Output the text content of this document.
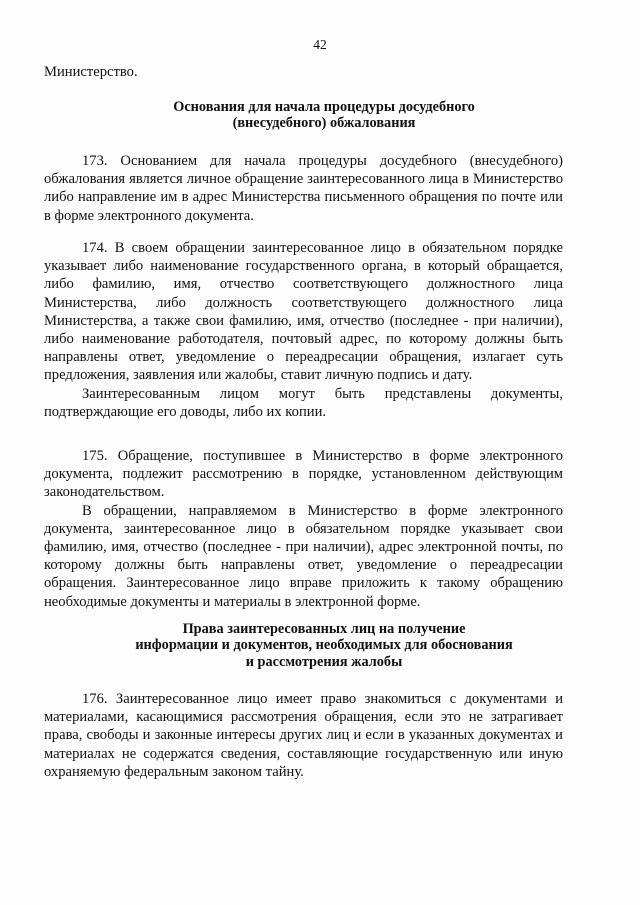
42
Министерство.
Основания для начала процедуры досудебного
(внесудебного) обжалования

173. Основанием для начала процедуры досудебного (внесудебного) обжалования является личное обращение заинтересованного лица в Министерство либо направление им в адрес Министерства письменного обращения по почте или в форме электронного документа.

174. В своем обращении заинтересованное лицо в обязательном порядке указывает либо наименование государственного органа, в который обращается, либо фамилию, имя, отчество соответствующего должностного лица Министерства, либо должность соответствующего должностного лица Министерства, а также свои фамилию, имя, отчество (последнее - при наличии), либо наименование работодателя, почтовый адрес, по которому должны быть направлены ответ, уведомление о переадресации обращения, излагает суть предложения, заявления или жалобы, ставит личную подпись и дату.

Заинтересованным лицом могут быть представлены документы, подтверждающие его доводы, либо их копии.

175. Обращение, поступившее в Министерство в форме электронного документа, подлежит рассмотрению в порядке, установленном действующим законодательством.

В обращении, направляемом в Министерство в форме электронного документа, заинтересованное лицо в обязательном порядке указывает свои фамилию, имя, отчество (последнее - при наличии), адрес электронной почты, по которому должны быть направлены ответ, уведомление о переадресации обращения. Заинтересованное лицо вправе приложить к такому обращению необходимые документы и материалы в электронной форме.

Права заинтересованных лиц на получение
информации и документов, необходимых для обоснования
и рассмотрения жалобы

176. Заинтересованное лицо имеет право знакомиться с документами и материалами, касающимися рассмотрения обращения, если это не затрагивает права, свободы и законные интересы других лиц и если в указанных документах и материалах не содержатся сведения, составляющие государственную или иную охраняемую федеральным законом тайну.
